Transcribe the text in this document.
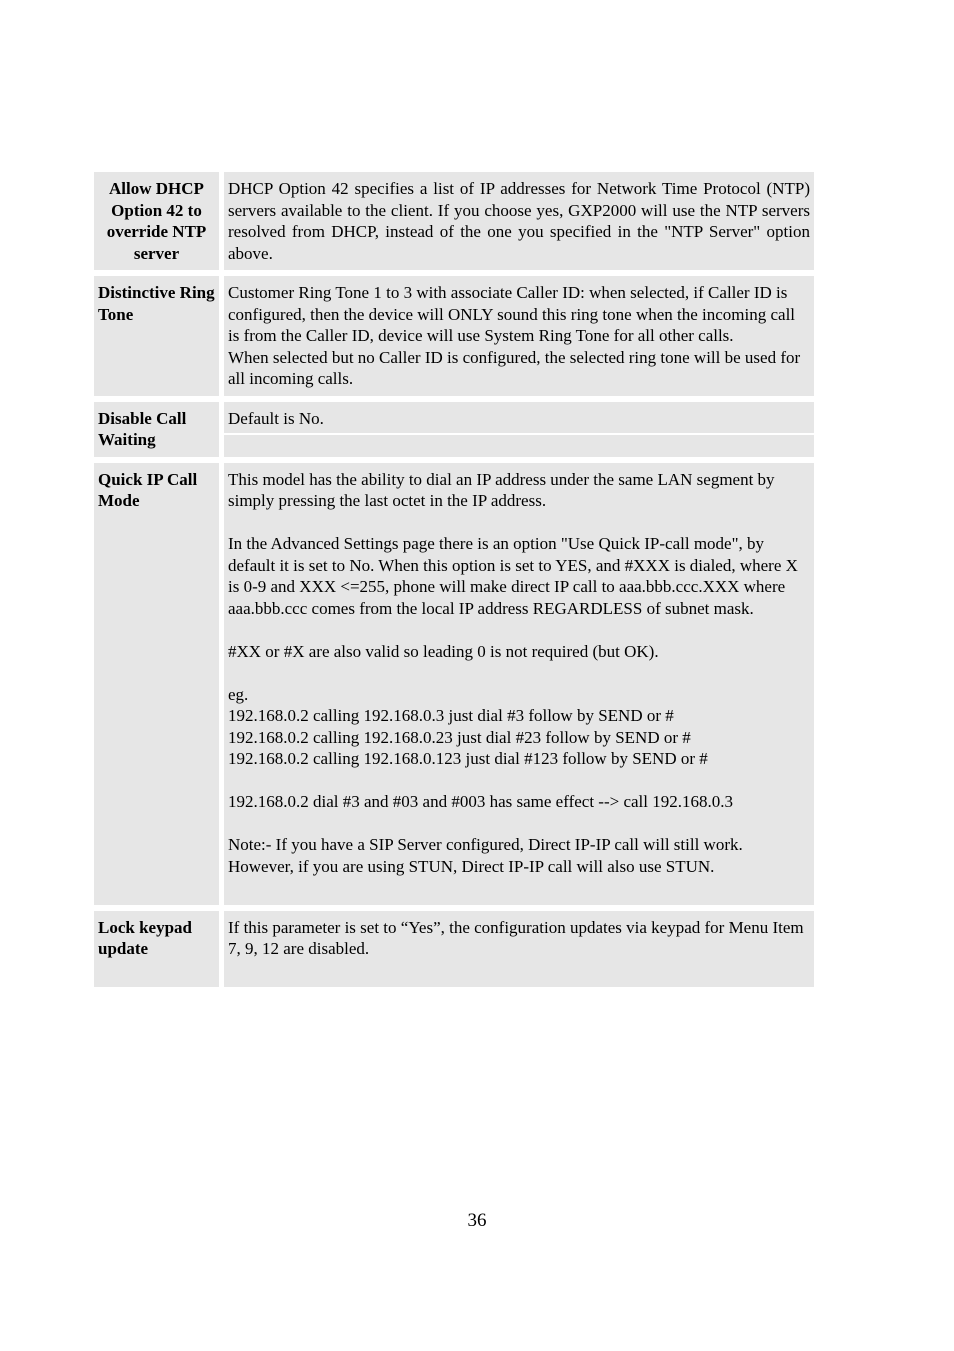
Allow DHCP Option 42 to override NTP server

DHCP Option 42 specifies a list of IP addresses for Network Time Protocol (NTP) servers available to the client. If you choose yes, GXP2000 will use the NTP servers resolved from DHCP, instead of the one you specified in the "NTP Server" option above.

Distinctive Ring Tone

Customer Ring Tone 1 to 3 with associate Caller ID: when selected, if Caller ID is configured, then the device will ONLY sound this ring tone when the incoming call is from the Caller ID, device will use System Ring Tone for all other calls.

When selected but no Caller ID is configured, the selected ring tone will be used for all incoming calls.

Disable Call Waiting

Default is No.

Quick IP Call Mode

This model has the ability to dial an IP address under the same LAN segment by simply pressing the last octet in the IP address.

In the Advanced Settings page there is an option "Use Quick IP-call mode", by default it is set to No. When this option is set to YES, and #XXX is dialed, where X is 0-9 and XXX <=255, phone will make direct IP call to aaa.bbb.ccc.XXX where aaa.bbb.ccc comes from the local IP address REGARDLESS of subnet mask.

#XX or #X are also valid so leading 0 is not required (but OK).

eg.

192.168.0.2 calling 192.168.0.3 just dial #3 follow by SEND or #

192.168.0.2 calling 192.168.0.23 just dial #23 follow by SEND or #

192.168.0.2 calling 192.168.0.123 just dial #123 follow by SEND or #

192.168.0.2 dial #3 and #03 and #003 has same effect --> call 192.168.0.3

Note:- If you have a SIP Server configured, Direct IP-IP call will still work.

However, if you are using STUN, Direct IP-IP call will also use STUN.

Lock keypad update

If this parameter is set to “Yes”, the configuration updates via keypad for Menu Item 7, 9, 12 are disabled.

36
